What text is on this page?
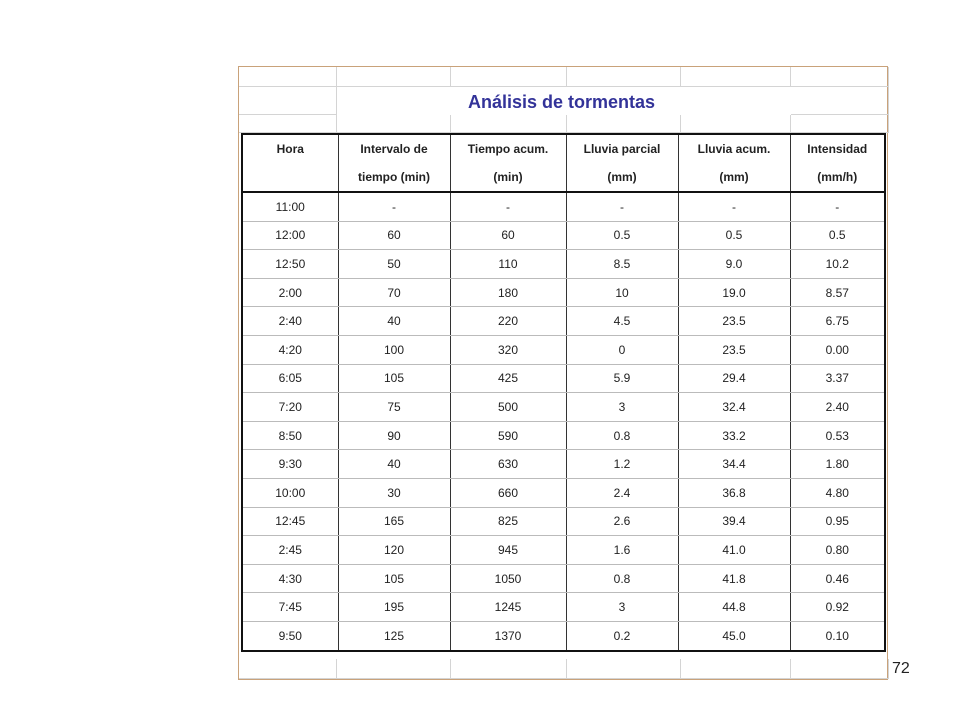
Análisis de tormentas
Hora	Intervalo de	Tiempo acum.	Lluvia parcial	Lluvia acum.	Intensidad
	tiempo (min)	(min)	(mm)	(mm)	(mm/h)
11:00	-	-	-	-	-
12:00	60	60	0.5	0.5	0.5
12:50	50	110	8.5	9.0	10.2
2:00	70	180	10	19.0	8.57
2:40	40	220	4.5	23.5	6.75
4:20	100	320	0	23.5	0.00
6:05	105	425	5.9	29.4	3.37
7:20	75	500	3	32.4	2.40
8:50	90	590	0.8	33.2	0.53
9:30	40	630	1.2	34.4	1.80
10:00	30	660	2.4	36.8	4.80
12:45	165	825	2.6	39.4	0.95
2:45	120	945	1.6	41.0	0.80
4:30	105	1050	0.8	41.8	0.46
7:45	195	1245	3	44.8	0.92
9:50	125	1370	0.2	45.0	0.10
72
